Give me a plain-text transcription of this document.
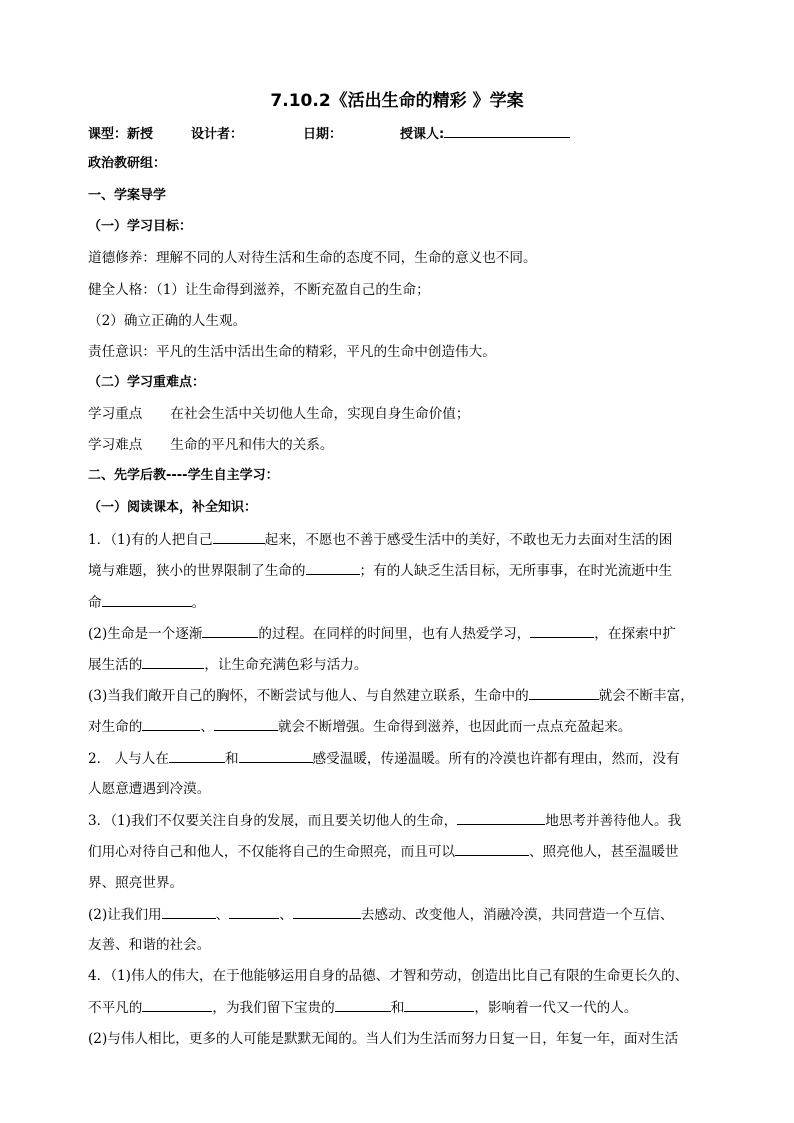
7.10.2《活出生命的精彩 》学案
课型：新授	设计者：	日期：	授课人:
政治教研组：
一、学案导学
（一）学习目标：
道德修养：理解不同的人对待生活和生命的态度不同，生命的意义也不同。
健全人格：（1）让生命得到滋养，不断充盈自己的生命；
（2）确立正确的人生观。
责任意识：平凡的生活中活出生命的精彩，平凡的生命中创造伟大。
（二）学习重难点：
学习重点 在社会生活中关切他人生命，实现自身生命价值；
学习难点 生命的平凡和伟大的关系。
二、先学后教----学生自主学习：
（一）阅读课本，补全知识：
1．（1)有的人把自己	起来，不愿也不善于感受生活中的美好，不敢也无力去面对生活的困
境与难题，狭小的世界限制了生命的	；有的人缺乏生活目标，无所事事，在时光流逝中生
命	。
(2)生命是一个逐渐	的过程。在同样的时间里，也有人热爱学习，	，在探索中扩
展生活的	，让生命充满色彩与活力。
对生命的	、	就会不断增强。生命得到滋养，也因此而一点点充盈起来。
(3)当我们敞开自己的胸怀，不断尝试与他人、与自然建立联系，生命中的	就会不断丰富，
2． 人与人在	和	感受温暖，传递温暖。所有的冷漠也许都有理由，然而，没有
人愿意遭遇到冷漠。
3．（1)我们不仅要关注自身的发展，而且要关切他人的生命，	地思考并善待他人。我
们用心对待自己和他人，不仅能将自己的生命照亮，而且可以	、照亮他人，甚至温暖世
界、照亮世界。
(2)让我们用	、	、	去感动、改变他人，消融冷漠，共同营造一个互信、
友善、和谐的社会。
4．（1)伟人的伟大，在于他能够运用自身的品德、才智和劳动，创造出比自己有限的生命更长久的、
不平凡的	，为我们留下宝贵的	和	，影响着一代又一代的人。
(2)与伟人相比，更多的人可能是默默无闻的。当人们为生活而努力日复一日，年复一年，面对生活
